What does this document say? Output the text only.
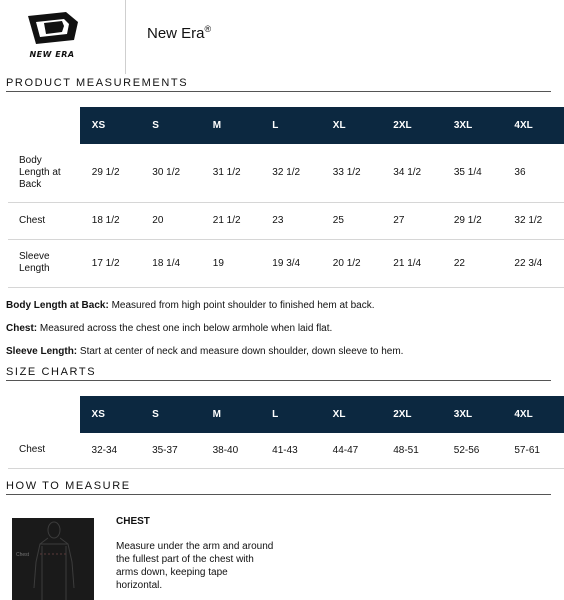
NEW ERA
New Era®
PRODUCT MEASUREMENTS
	XS	S	M	L	XL	2XL	3XL	4XL

Body Length at Back	29 1/2	30 1/2	31 1/2	32 1/2	33 1/2	34 1/2	35 1/4	36
Chest	18 1/2	20	21 1/2	23	25	27	29 1/2	32 1/2

Sleeve Length	17 1/2	18 1/4	19	19 3/4	20 1/2	21 1/4	22	22 3/4

Body Length at Back: Measured from high point shoulder to finished hem at back.

Chest: Measured across the chest one inch below armhole when laid flat.

Sleeve Length: Start at center of neck and measure down shoulder, down sleeve to hem.

SIZE CHARTS
	XS	S	M	L	XL	2XL	3XL	4XL
Chest	32-34	35-37	38-40	41-43	44-47	48-51	52-56	57-61
HOW TO MEASURE
Chest
CHEST
Measure under the arm and around the fullest part of the chest with arms down, keeping tape horizontal.
